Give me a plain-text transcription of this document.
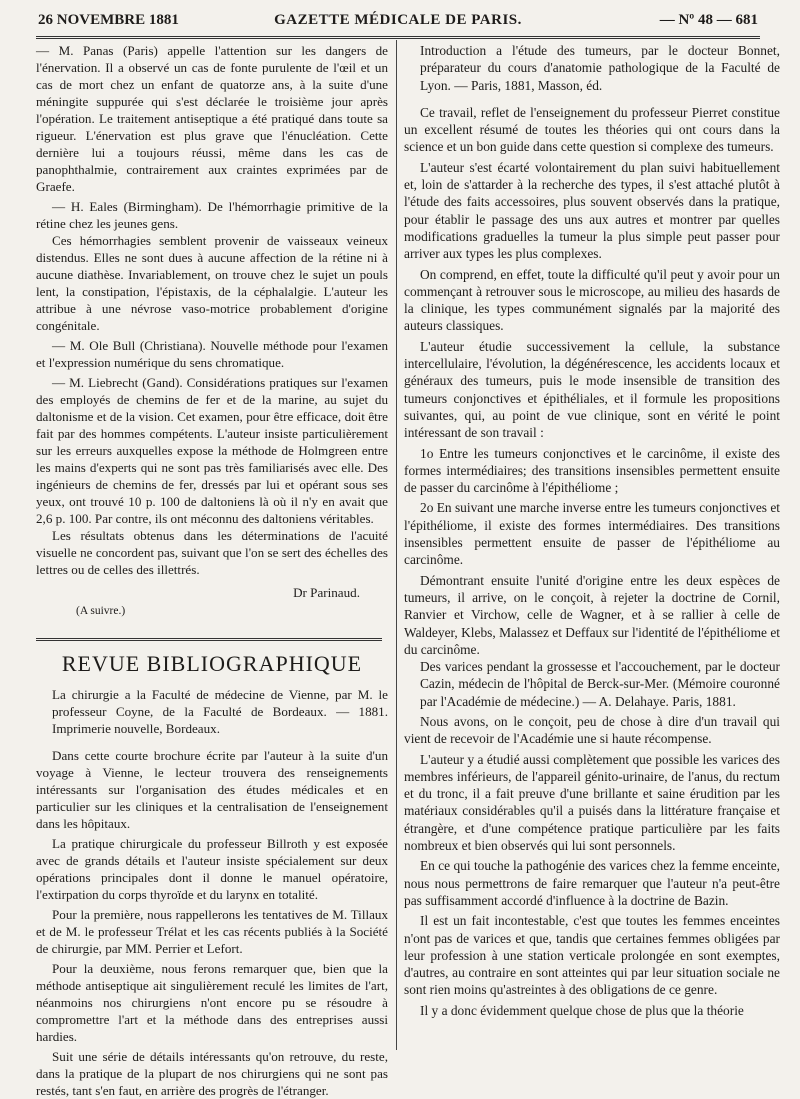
26 NOVEMBRE 1881	GAZETTE MÉDICALE DE PARIS.	— Nº 48 — 681

— M. Panas (Paris) appelle l'attention sur les dangers de l'énervation. Il a observé un cas de fonte purulente de l'œil et un cas de mort chez un enfant de quatorze ans, à la suite d'une méningite suppurée qui s'est déclarée le troisième jour après l'opération. Le traitement antiseptique a été pratiqué dans toute sa rigueur. L'énervation est plus grave que l'énucléation. Cette dernière lui a toujours réussi, même dans les cas de panophthalmie, contrairement aux craintes exprimées par de Graefe.

— H. Eales (Birmingham). De l'hémorrhagie primitive de la rétine chez les jeunes gens.

Ces hémorrhagies semblent provenir de vaisseaux veineux distendus. Elles ne sont dues à aucune affection de la rétine ni à aucune diathèse. Invariablement, on trouve chez le sujet un pouls lent, la constipation, l'épistaxis, de la céphalalgie. L'auteur les attribue à une névrose vaso-motrice probablement d'origine congénitale.

— M. Ole Bull (Christiana). Nouvelle méthode pour l'examen et l'expression numérique du sens chromatique.

— M. Liebrecht (Gand). Considérations pratiques sur l'examen des employés de chemins de fer et de la marine, au sujet du daltonisme et de la vision. Cet examen, pour être efficace, doit être fait par des hommes compétents. L'auteur insiste particulièrement sur les erreurs auxquelles expose la méthode de Holmgreen entre les mains d'experts qui ne sont pas très familiarisés avec elle. Des ingénieurs de chemins de fer, dressés par lui et opérant sous ses yeux, ont trouvé 10 p. 100 de daltoniens là où il n'y en avait que 2,6 p. 100. Par contre, ils ont méconnu des daltoniens véritables.

Les résultats obtenus dans les déterminations de l'acuité visuelle ne concordent pas, suivant que l'on se sert des échelles des lettres ou de celles des illettrés.

Dr Parinaud.

(A suivre.)

REVUE BIBLIOGRAPHIQUE

La chirurgie a la Faculté de médecine de Vienne, par M. le professeur Coyne, de la Faculté de Bordeaux. — 1881. Imprimerie nouvelle, Bordeaux.

Dans cette courte brochure écrite par l'auteur à la suite d'un voyage à Vienne, le lecteur trouvera des renseignements intéressants sur l'organisation des études médicales et en particulier sur les cliniques et la centralisation de l'enseignement dans les hôpitaux.

La pratique chirurgicale du professeur Billroth y est exposée avec de grands détails et l'auteur insiste spécialement sur deux opérations principales dont il donne le manuel opératoire, l'extirpation du corps thyroïde et du larynx en totalité.

Pour la première, nous rappellerons les tentatives de M. Tillaux et de M. le professeur Trélat et les cas récents publiés à la Société de chirurgie, par MM. Perrier et Lefort.

Pour la deuxième, nous ferons remarquer que, bien que la méthode antiseptique ait singulièrement reculé les limites de l'art, néanmoins nos chirurgiens n'ont encore pu se résoudre à compromettre l'art et la méthode dans des entreprises aussi hardies.

Suit une série de détails intéressants qu'on retrouve, du reste, dans la pratique de la plupart de nos chirurgiens qui ne sont pas restés, tant s'en faut, en arrière des progrès de l'étranger.

Introduction a l'étude des tumeurs, par le docteur Bonnet, préparateur du cours d'anatomie pathologique de la Faculté de Lyon. — Paris, 1881, Masson, éd.

Ce travail, reflet de l'enseignement du professeur Pierret constitue un excellent résumé de toutes les théories qui ont cours dans la science et un bon guide dans cette question si complexe des tumeurs.

L'auteur s'est écarté volontairement du plan suivi habituellement et, loin de s'attarder à la recherche des types, il s'est attaché plutôt à l'étude des faits accessoires, plus souvent observés dans la pratique, pour établir le passage des uns aux autres et montrer par quelles modifications graduelles la tumeur la plus simple peut passer pour arriver aux types les plus complexes.

On comprend, en effet, toute la difficulté qu'il peut y avoir pour un commençant à retrouver sous le microscope, au milieu des hasards de la clinique, les types communément signalés par la majorité des auteurs classiques.

L'auteur étudie successivement la cellule, la substance intercellulaire, l'évolution, la dégénérescence, les accidents locaux et généraux des tumeurs, puis le mode insensible de transition des tumeurs conjonctives et épithéliales, et il formule les propositions suivantes, qui, au point de vue clinique, sont en vérité le point intéressant de son travail :

1o Entre les tumeurs conjonctives et le carcinôme, il existe des formes intermédiaires; des transitions insensibles permettent ensuite de passer du carcinôme à l'épithéliome ;

2o En suivant une marche inverse entre les tumeurs conjonctives et l'épithéliome, il existe des formes intermédiaires. Des transitions insensibles permettent ensuite de passer de l'épithéliome au carcinôme.

Démontrant ensuite l'unité d'origine entre les deux espèces de tumeurs, il arrive, on le conçoit, à rejeter la doctrine de Cornil, Ranvier et Virchow, celle de Wagner, et à se rallier à celle de Waldeyer, Klebs, Malassez et Deffaux sur l'identité de l'épithéliome et du carcinôme.

Des varices pendant la grossesse et l'accouchement, par le docteur Cazin, médecin de l'hôpital de Berck-sur-Mer. (Mémoire couronné par l'Académie de médecine.) — A. Delahaye. Paris, 1881.

Nous avons, on le conçoit, peu de chose à dire d'un travail qui vient de recevoir de l'Académie une si haute récompense.

L'auteur y a étudié aussi complètement que possible les varices des membres inférieurs, de l'appareil génito-urinaire, de l'anus, du rectum et du tronc, il a fait preuve d'une brillante et saine érudition par les matériaux considérables qu'il a puisés dans la littérature française et étrangère, et d'une compétence pratique particulière par les faits nombreux et bien observés qui lui sont personnels.

En ce qui touche la pathogénie des varices chez la femme enceinte, nous nous permettrons de faire remarquer que l'auteur n'a peut-être pas suffisamment accordé d'influence à la doctrine de Bazin.

Il est un fait incontestable, c'est que toutes les femmes enceintes n'ont pas de varices et que, tandis que certaines femmes obligées par leur profession à une station verticale prolongée en sont exemptes, d'autres, au contraire en sont atteintes qui par leur situation sociale ne sont rien moins qu'astreintes à des obligations de ce genre.

Il y a donc évidemment quelque chose de plus que la théorie
